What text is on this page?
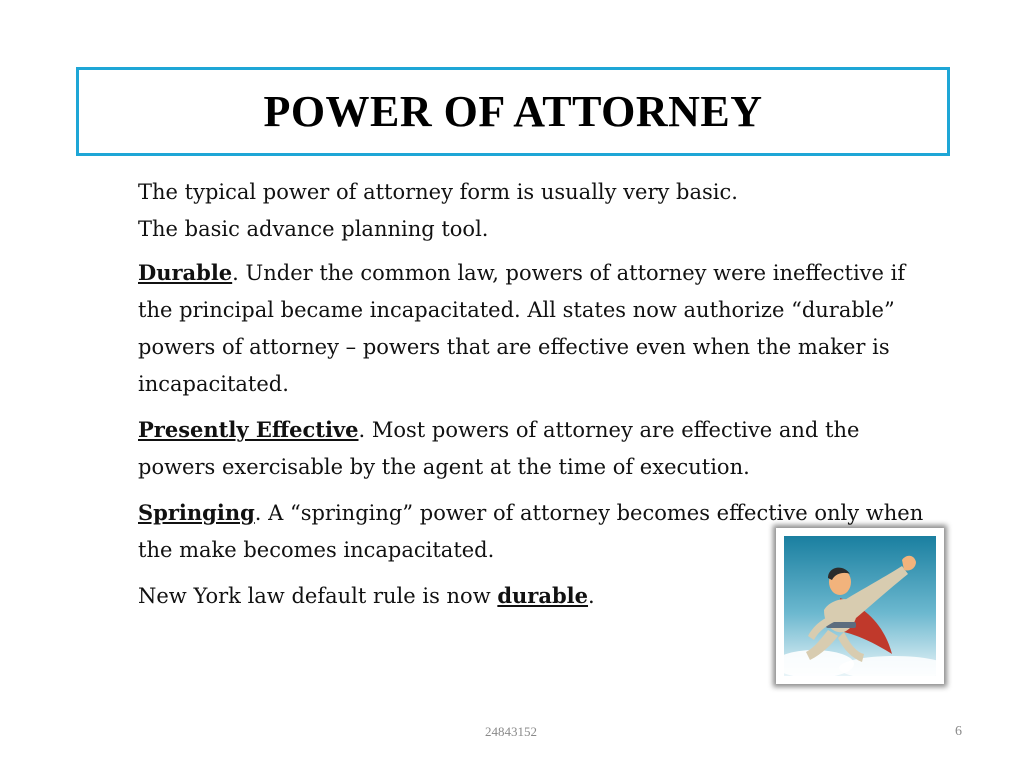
POWER OF ATTORNEY

The typical power of attorney form is usually very basic.

The basic advance planning tool.

Durable. Under the common law, powers of attorney were ineffective if the principal became incapacitated. All states now authorize “durable” powers of attorney – powers that are effective even when the maker is incapacitated.

Presently Effective. Most powers of attorney are effective and the powers exercisable by the agent at the time of execution.

Springing. A “springing” power of attorney becomes effective only when the make becomes incapacitated.

New York law default rule is now durable.

24843152	6
